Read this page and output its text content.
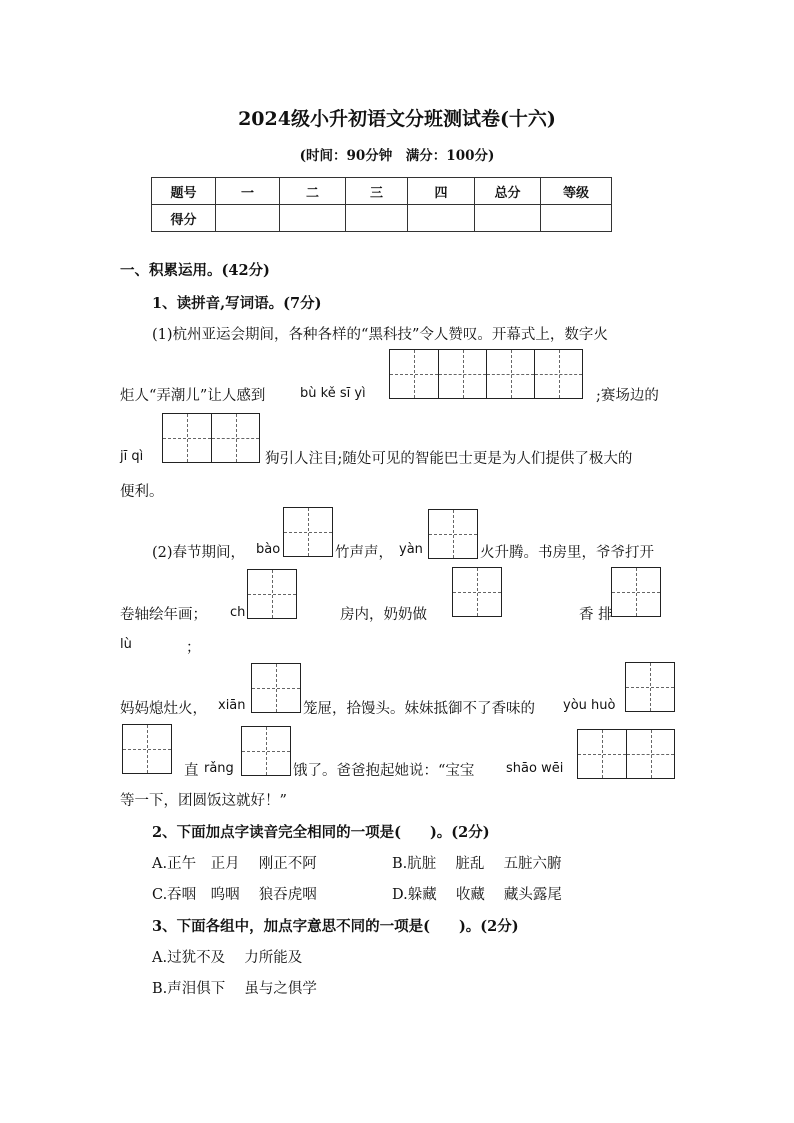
2024级小升初语文分班测试卷(十六)
(时间：90分钟　满分：100分)
题号	一	二	三	四	总分	等级
得分						
一、积累运用。(42分)
1、读拼音,写词语。(7分)
(1)杭州亚运会期间，各种各样的“黑科技”令人赞叹。开幕式上，数字火
炬人“弄潮儿”让人感到	bù kě sī yì	;赛场边的
jī qì	狗引人注目;随处可见的智能巴士更是为人们提供了极大的
便利。
(2)春节期间， bào	竹声声， yàn	火升腾。书房里，爷爷打开
卷轴绘年画； ch	房内，奶奶做	香 排
lù	；
妈妈熄灶火， xiān	笼屉，拾馒头。妹妹抵御不了香味的 yòu huò
直 rǎng	饿了。爸爸抱起她说：“宝宝 shāo wēi
等一下，团圆饭这就好！”
2、下面加点字读音完全相同的一项是(　　)。(2分)
A.正午　正月　 刚正不阿	B.肮脏　 脏乱　 五脏六腑
C.吞咽　呜咽　 狼吞虎咽	D.躲藏　 收藏　 藏头露尾
3、下面各组中，加点字意思不同的一项是(　　)。(2分)
A.过犹不及　 力所能及
B.声泪俱下　 虽与之俱学
